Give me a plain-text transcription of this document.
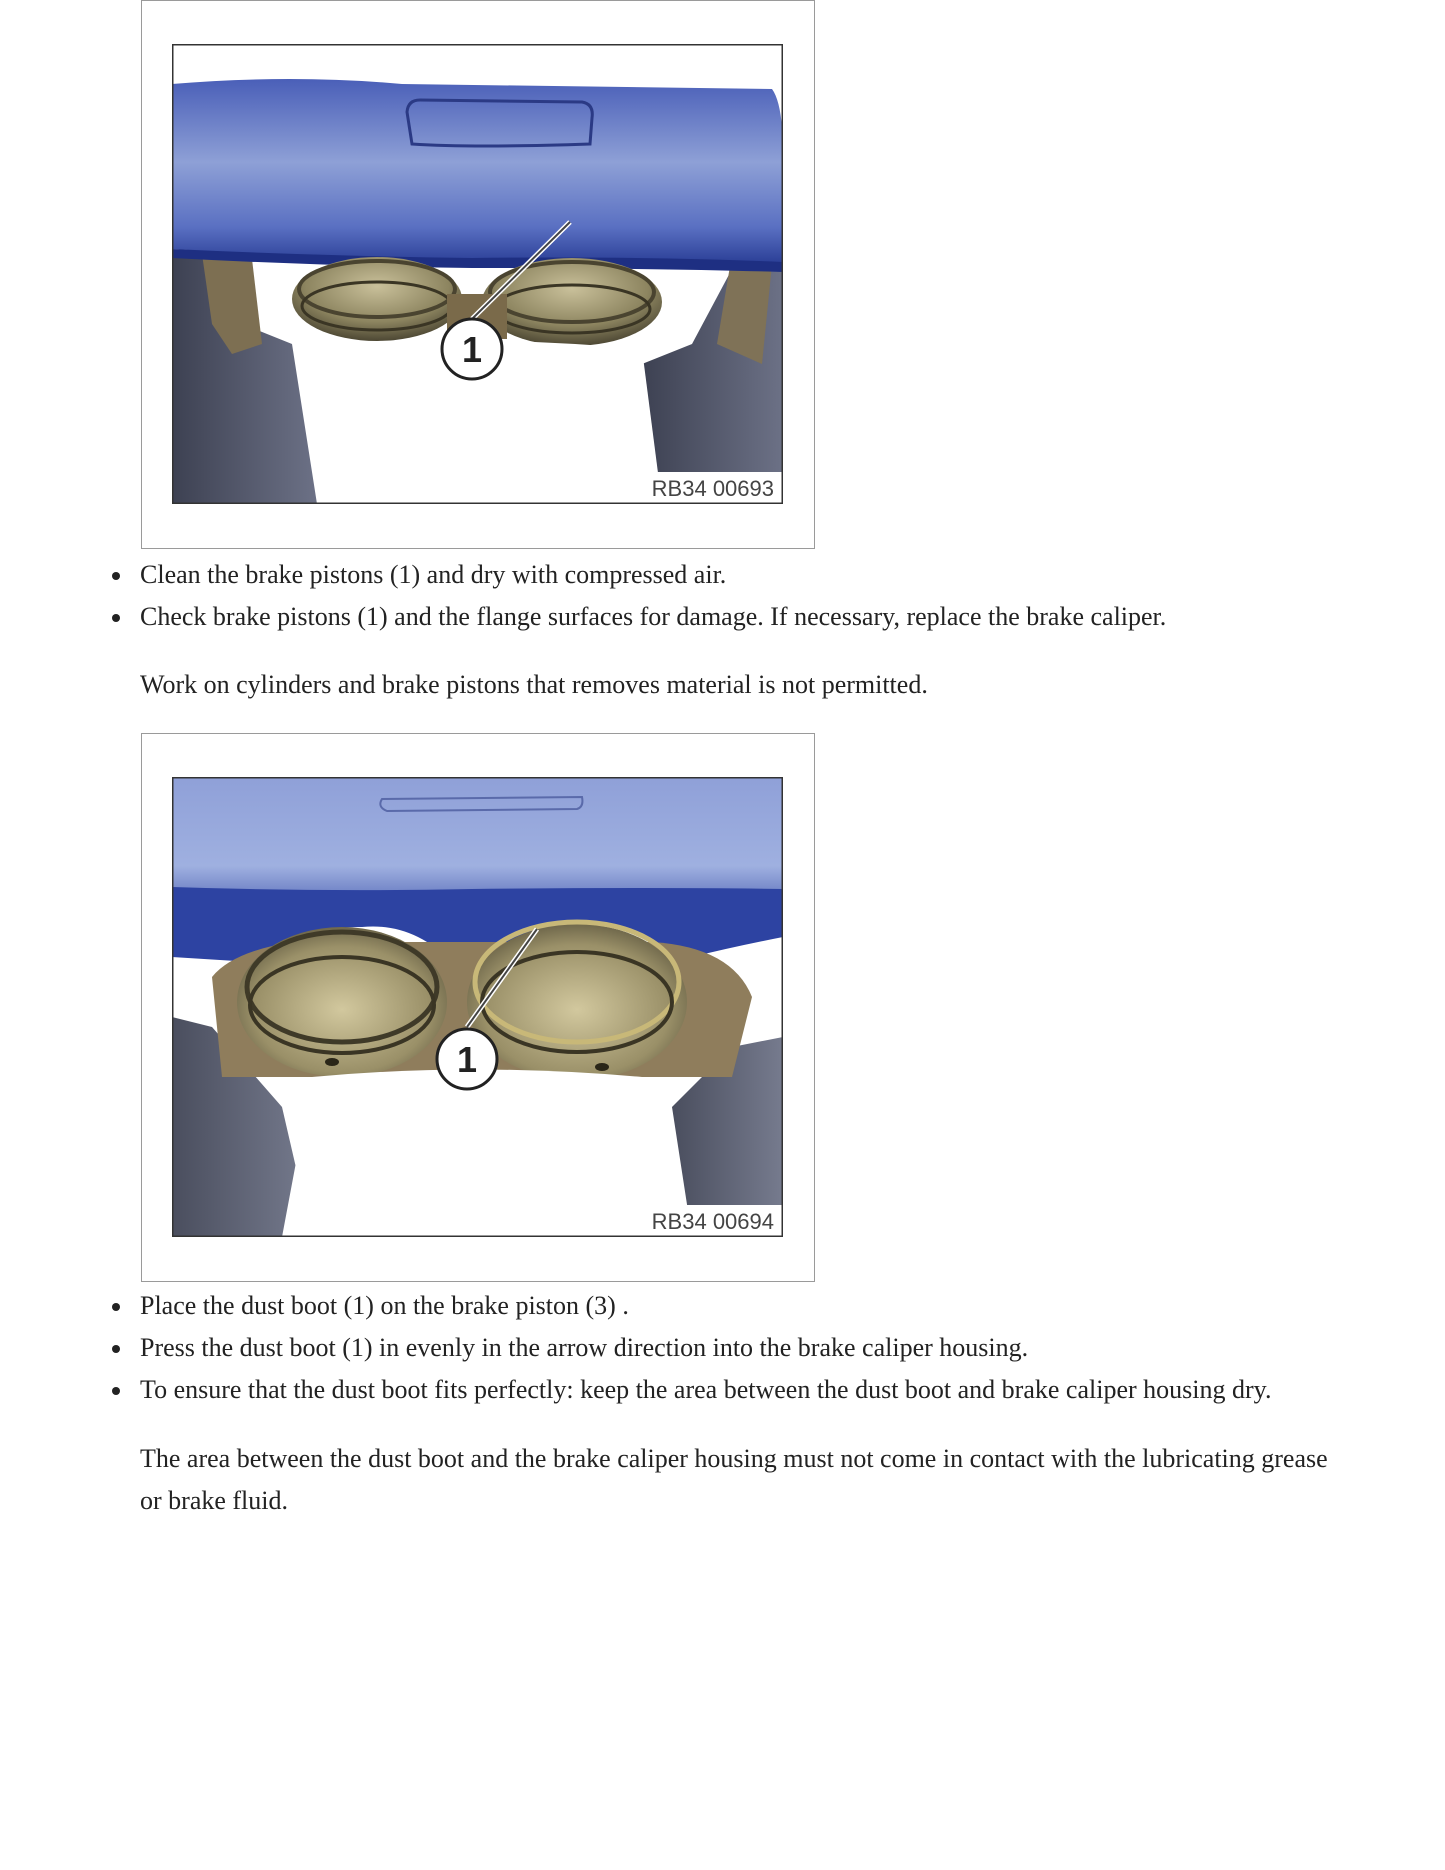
1
RB34 00693
Clean the brake pistons (1) and dry with compressed air.
Check brake pistons (1) and the flange surfaces for damage. If necessary, replace the brake caliper.

Work on cylinders and brake pistons that removes material is not permitted.

1
RB34 00694
Place the dust boot (1) on the brake piston (3) .
Press the dust boot (1) in evenly in the arrow direction into the brake caliper housing.
To ensure that the dust boot fits perfectly: keep the area between the dust boot and brake caliper housing dry.

The area between the dust boot and the brake caliper housing must not come in contact with the lubricating grease or brake fluid.
